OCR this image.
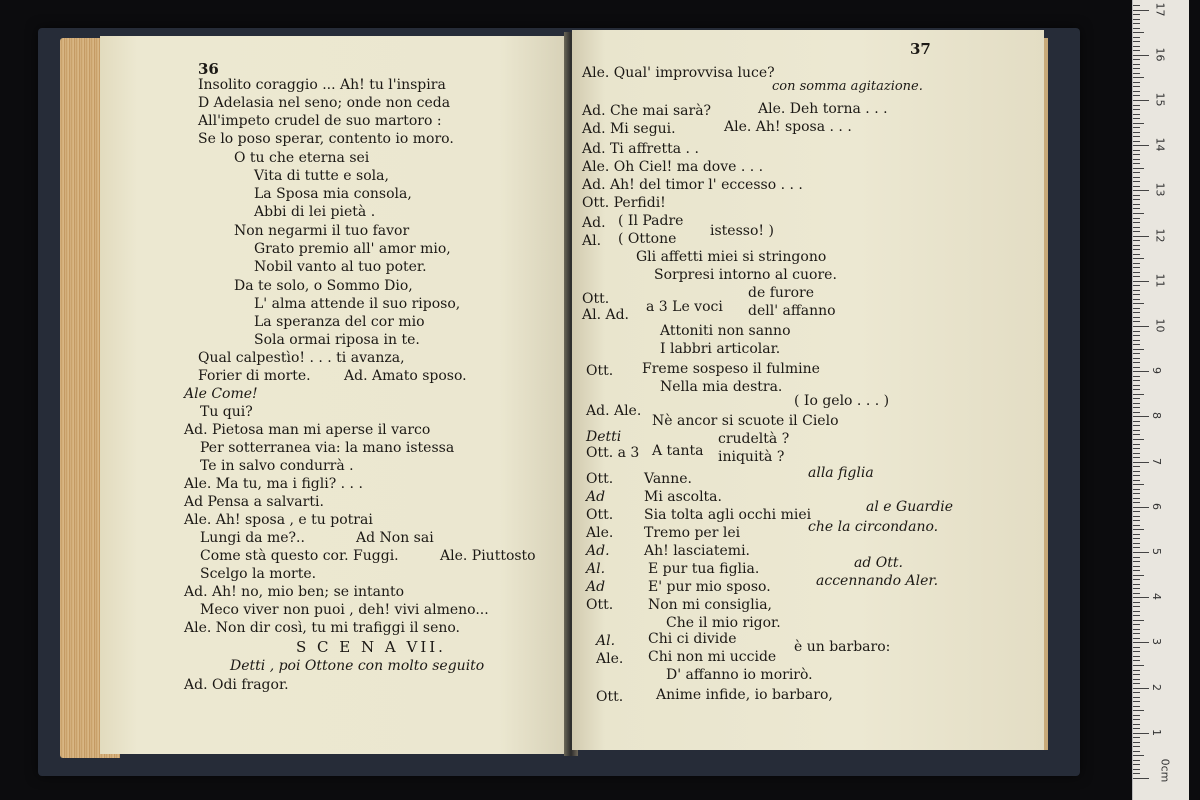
36
Insolito coraggio ... Ah! tu l'inspira
D Adelasia nel seno; onde non ceda
All'impeto crudel de suo martoro :
Se lo poso sperar, contento io moro.
O tu che eterna sei
Vita di tutte e sola,
La Sposa mia consola,
Abbi di lei pietà .
Non negarmi il tuo favor
Grato premio all' amor mio,
Nobil vanto al tuo poter.
Da te solo, o Sommo Dio,
L' alma attende il suo riposo,
La speranza del cor mio
Sola ormai riposa in te.
Qual calpestìo! . . . ti avanza,
Forier di morte. Ad. Amato sposo.
Ale Come!
Tu qui?
Ad. Pietosa man mi aperse il varco
Per sotterranea via: la mano istessa
Te in salvo condurrà .
Ale. Ma tu, ma i figli? . . .
Ad Pensa a salvarti.
Ale. Ah! sposa , e tu potrai
Lungi da me?..	Ad Non sai
Come stà questo cor. Fuggi.	Ale. Piuttosto
Scelgo la morte.
Ad. Ah! no, mio ben; se intanto
Meco viver non puoi , deh! vivi almeno...
Ale. Non dir così, tu mi trafiggi il seno.
S C E N A VII.
Detti , poi Ottone con molto seguito
Ad. Odi fragor.
37
Ale. Qual' improvvisa luce?
con somma agitazione.
Ad. Che mai sarà?	Ale. Deh torna . . .
Ad. Mi segui.	Ale. Ah! sposa . . .
Ad. Ti affretta . .
Ale. Oh Ciel! ma dove . . .
Ad. Ah! del timor l' eccesso . . .
Ott. Perfidi!
Ad. ( Il Padre
istesso! )
Al. ( Ottone
Gli affetti miei si stringono
Sorpresi intorno al cuore.
Ott.
Al. Ad. a 3 Le voci
de furore
dell' affanno
Attoniti non sanno
I labbri articolar.
Ott. Freme sospeso il fulmine
Nella mia destra.
Ad. Ale.
( Io gelo . . . )
Nè ancor si scuote il Cielo
Detti
Ott. a 3 A tanta
crudeltà ?
iniquità ?
Ott. Vanne.	alla figlia
Ad	Mi ascolta.
Ott. Sia tolta agli occhi miei	al e Guardie
Ale. Tremo per lei	che la circondano.
Ad. Ah! lasciatemi.
Al.	E pur tua figlia.	ad Ott.
Ad	E' pur mio sposo.	accennando Aler.
Ott. Non mi consiglia,
Che il mio rigor.
Al. Chi ci divide	è un barbaro:
Ale. Chi non mi uccide
D' affanno io morirò.
Ott. Anime infide, io barbaro,
0cm
1
2
3
4
5
6
7
8
9
10
11
12
13
14
15
16
17
